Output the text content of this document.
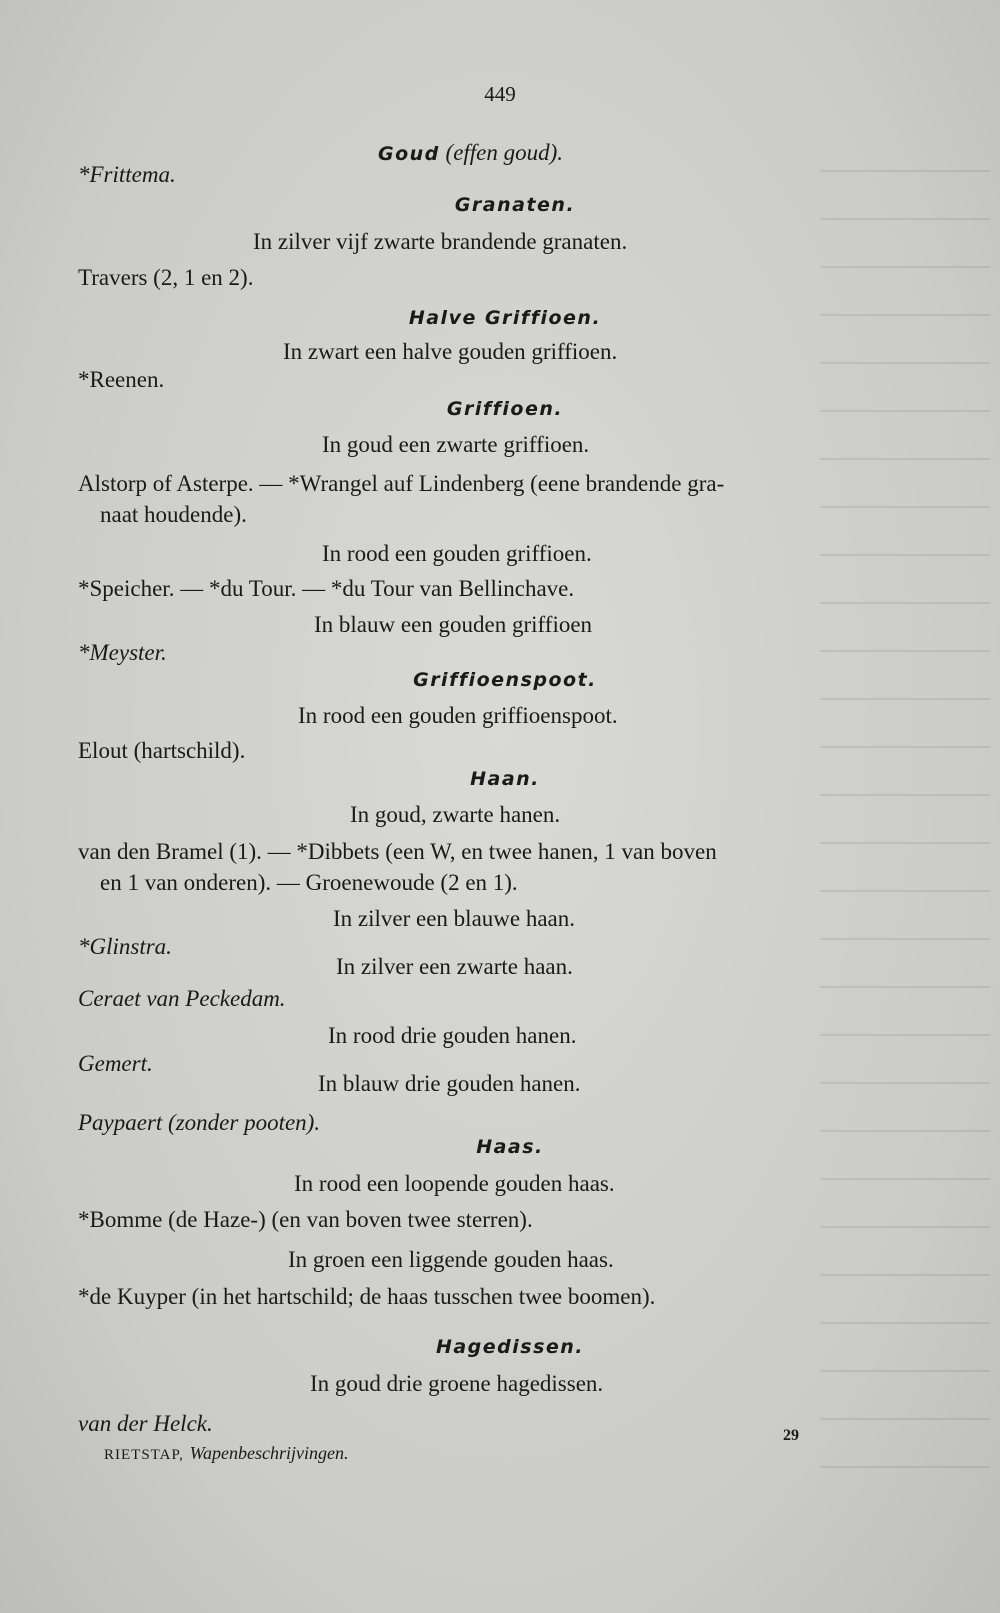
449
Goud (effen goud).
*Frittema.
Granaten.
In zilver vijf zwarte brandende granaten.
Travers (2, 1 en 2).
Halve Griffioen.
In zwart een halve gouden griffioen.
*Reenen.
Griffioen.
In goud een zwarte griffioen.
Alstorp of Asterpe. — *Wrangel auf Lindenberg (eene brandende gra-
naat houdende).
In rood een gouden griffioen.
*Speicher. — *du Tour. — *du Tour van Bellinchave.
In blauw een gouden griffioen
*Meyster.
Griffioenspoot.
In rood een gouden griffioenspoot.
Elout (hartschild).
Haan.
In goud, zwarte hanen.
van den Bramel (1). — *Dibbets (een W, en twee hanen, 1 van boven
en 1 van onderen). — Groenewoude (2 en 1).
In zilver een blauwe haan.
*Glinstra.
In zilver een zwarte haan.
Ceraet van Peckedam.
In rood drie gouden hanen.
Gemert.
In blauw drie gouden hanen.
Paypaert (zonder pooten).
Haas.
In rood een loopende gouden haas.
*Bomme (de Haze-) (en van boven twee sterren).
In groen een liggende gouden haas.
*de Kuyper (in het hartschild; de haas tusschen twee boomen).
Hagedissen.
In goud drie groene hagedissen.
van der Helck.
RIETSTAP, Wapenbeschrijvingen.
29
